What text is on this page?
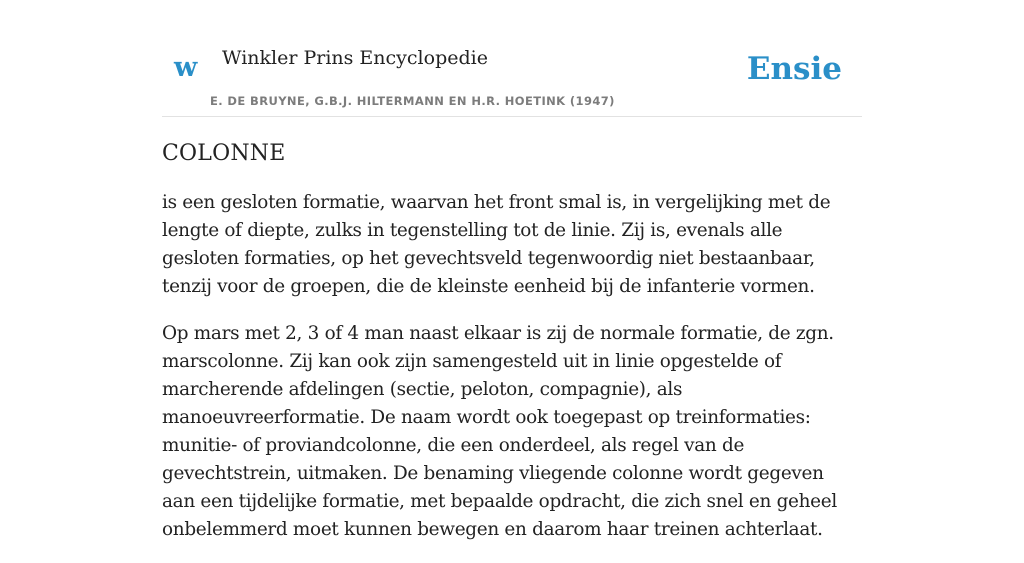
w Winkler Prins Encyclopedie
E. DE BRUYNE, G.B.J. HILTERMANN EN H.R. HOETINK (1947)
Ensie
COLONNE

is een gesloten formatie, waarvan het front smal is, in vergelijking met de lengte of diepte, zulks in tegenstelling tot de linie. Zij is, evenals alle gesloten formaties, op het gevechtsveld tegenwoordig niet bestaanbaar, tenzij voor de groepen, die de kleinste eenheid bij de infanterie vormen.

Op mars met 2, 3 of 4 man naast elkaar is zij de normale formatie, de zgn. marscolonne. Zij kan ook zijn samengesteld uit in linie opgestelde of marcherende afdelingen (sectie, peloton, compagnie), als manoeuvreerformatie. De naam wordt ook toegepast op treinformaties: munitie- of proviandcolonne, die een onderdeel, als regel van de gevechtstrein, uitmaken. De benaming vliegende colonne wordt gegeven aan een tijdelijke formatie, met bepaalde opdracht, die zich snel en geheel onbelemmerd moet kunnen bewegen en daarom haar treinen achterlaat.
